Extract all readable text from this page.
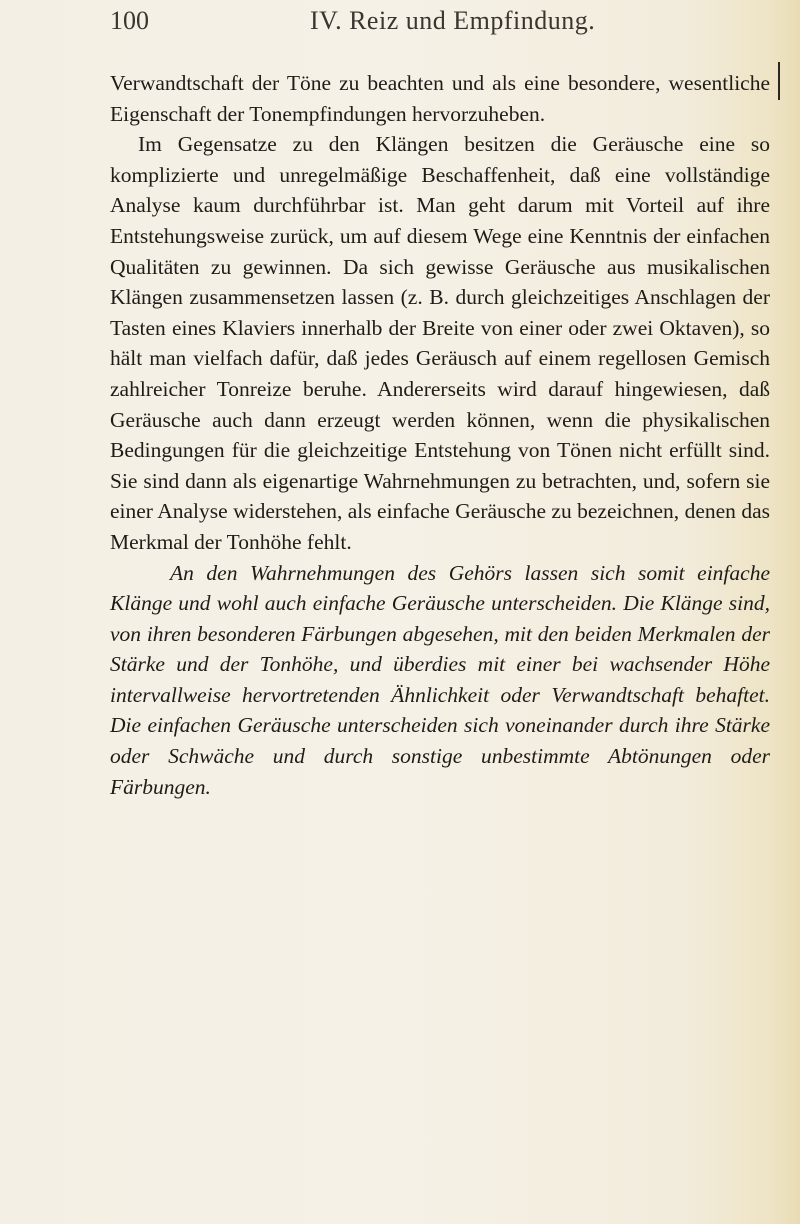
100	IV. Reiz und Empfindung.

Verwandtschaft der Töne zu beachten und als eine besondere, wesentliche Eigenschaft der Tonempfindungen hervorzuheben.

Im Gegensatze zu den Klängen besitzen die Geräusche eine so komplizierte und unregelmäßige Beschaffenheit, daß eine vollständige Analyse kaum durchführbar ist. Man geht darum mit Vorteil auf ihre Entstehungsweise zurück, um auf diesem Wege eine Kenntnis der einfachen Qualitäten zu gewinnen. Da sich gewisse Geräusche aus musikalischen Klängen zusammensetzen lassen (z. B. durch gleichzeitiges Anschlagen der Tasten eines Klaviers innerhalb der Breite von einer oder zwei Oktaven), so hält man vielfach dafür, daß jedes Geräusch auf einem regellosen Gemisch zahlreicher Tonreize beruhe. Andererseits wird darauf hingewiesen, daß Geräusche auch dann erzeugt werden können, wenn die physikalischen Bedingungen für die gleichzeitige Entstehung von Tönen nicht erfüllt sind. Sie sind dann als eigenartige Wahrnehmungen zu betrachten, und, sofern sie einer Analyse widerstehen, als einfache Geräusche zu bezeichnen, denen das Merkmal der Tonhöhe fehlt.

An den Wahrnehmungen des Gehörs lassen sich somit einfache Klänge und wohl auch einfache Geräusche unterscheiden. Die Klänge sind, von ihren besonderen Färbungen abgesehen, mit den beiden Merkmalen der Stärke und der Tonhöhe, und überdies mit einer bei wachsender Höhe intervallweise hervortretenden Ähnlichkeit oder Verwandtschaft behaftet. Die einfachen Geräusche unterscheiden sich voneinander durch ihre Stärke oder Schwäche und durch sonstige unbestimmte Abtönungen oder Färbungen.
